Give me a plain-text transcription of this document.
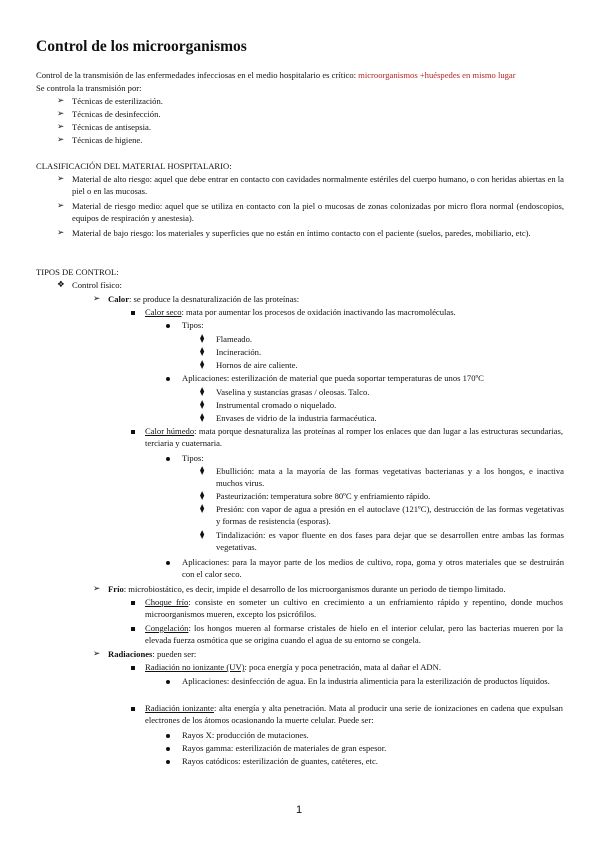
Control de los microorganismos
Control de la transmisión de las enfermedades infecciosas en el medio hospitalario es crítico: microorganismos +huéspedes en mismo lugar
Se controla la transmisión por:
➢ Técnicas de esterilización.
➢ Técnicas de desinfección.
➢ Técnicas de antisepsia.
➢ Técnicas de higiene.
CLASIFICACIÓN DEL MATERIAL HOSPITALARIO:
➢ Material de alto riesgo: aquel que debe entrar en contacto con cavidades normalmente estériles del cuerpo humano, o con heridas abiertas en la piel o en las mucosas.
➢ Material de riesgo medio: aquel que se utiliza en contacto con la piel o mucosas de zonas colonizadas por micro flora normal (endoscopios, equipos de respiración y anestesia).
➢ Material de bajo riesgo: los materiales y superficies que no están en íntimo contacto con el paciente (suelos, paredes, mobiliario, etc).
TIPOS DE CONTROL:
❖ Control físico:
➢ Calor: se produce la desnaturalización de las proteínas:
Calor seco: mata por aumentar los procesos de oxidación inactivando las macromoléculas.
Tipos:
⧫ Flameado.
⧫ Incineración.
⧫ Hornos de aire caliente.
Aplicaciones: esterilización de material que pueda soportar temperaturas de unos 170ºC
⧫ Vaselina y sustancias grasas / oleosas. Talco.
⧫ Instrumental cromado o niquelado.
⧫ Envases de vidrio de la industria farmacéutica.
Calor húmedo: mata porque desnaturaliza las proteínas al romper los enlaces que dan lugar a las estructuras secundarias, terciaria y cuaternaria.
Tipos:
⧫ Ebullición: mata a la mayoría de las formas vegetativas bacterianas y a los hongos, e inactiva muchos virus.
⧫ Pasteurización: temperatura sobre 80ºC y enfriamiento rápido.
⧫ Presión: con vapor de agua a presión en el autoclave (121ºC), destrucción de las formas vegetativas y formas de resistencia (esporas).
⧫ Tindalización: es vapor fluente en dos fases para dejar que se desarrollen entre ambas las formas vegetativas.
Aplicaciones: para la mayor parte de los medios de cultivo, ropa, goma y otros materiales que se destruirán con el calor seco.
➢ Frío: microbiostático, es decir, impide el desarrollo de los microorganismos durante un periodo de tiempo limitado.
Choque frío: consiste en someter un cultivo en crecimiento a un enfriamiento rápido y repentino, donde muchos microorganismos mueren, excepto los psicrófilos.
Congelación: los hongos mueren al formarse cristales de hielo en el interior celular, pero las bacterias mueren por la elevada fuerza osmótica que se origina cuando el agua de su entorno se congela.
➢ Radiaciones: pueden ser:
Radiación no ionizante (UV): poca energía y poca penetración, mata al dañar el ADN.
Aplicaciones: desinfección de agua. En la industria alimenticia para la esterilización de productos líquidos.
Radiación ionizante: alta energía y alta penetración. Mata al producir una serie de ionizaciones en cadena que expulsan electrones de los átomos ocasionando la muerte celular. Puede ser:
Rayos X: producción de mutaciones.
Rayos gamma: esterilización de materiales de gran espesor.
Rayos catódicos: esterilización de guantes, catéteres, etc.
1
